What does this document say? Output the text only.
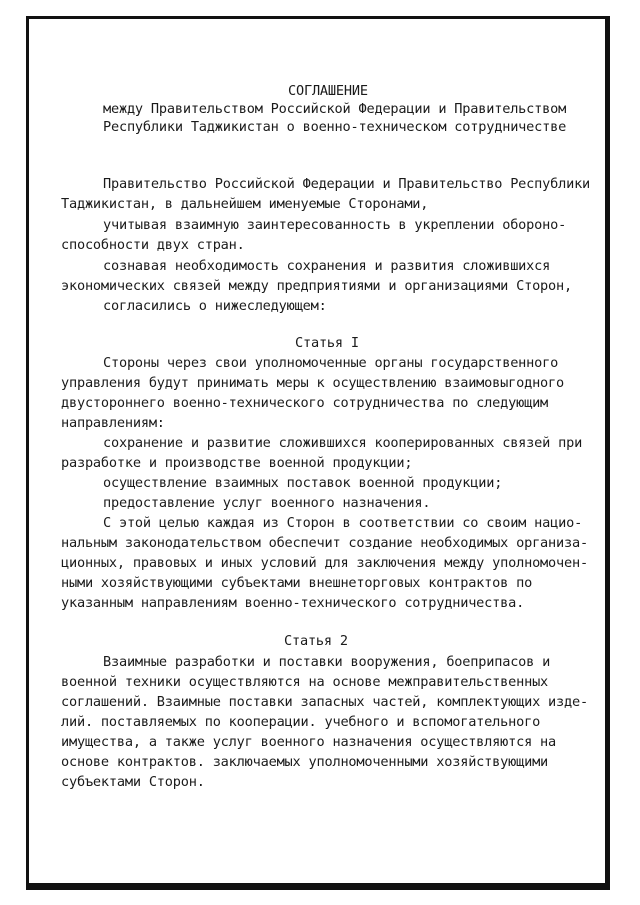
СОГЛАШЕНИЕ
между Правительством Российской Федерации и Правительством
Республики Таджикистан о военно-техническом сотрудничестве
Правительство Российской Федерации и Правительство Республики
Таджикистан, в дальнейшем именуемые Сторонами,
учитывая взаимную заинтересованность в укреплении обороно-
способности двух стран.
сознавая необходимость сохранения и развития сложившихся
экономических связей между предприятиями и организациями Сторон,
согласились о нижеследующем:
Статья I
Стороны через свои уполномоченные органы государственного
управления будут принимать меры к осуществлению взаимовыгодного
двустороннего военно-технического сотрудничества по следующим
направлениям:
сохранение и развитие сложившихся кооперированных связей при
разработке и производстве военной продукции;
осуществление взаимных поставок военной продукции;
предоставление услуг военного назначения.
С этой целью каждая из Сторон в соответствии со своим нацио-
нальным законодательством обеспечит создание необходимых организа-
ционных, правовых и иных условий для заключения между уполномочен-
ными хозяйствующими субъектами внешнеторговых контрактов по
указанным направлениям военно-технического сотрудничества.
Статья 2
Взаимные разработки и поставки вооружения, боеприпасов и
военной техники осуществляются на основе межправительственных
соглашений. Взаимные поставки запасных частей, комплектующих изде-
лий. поставляемых по кооперации. учебного и вспомогательного
имущества, а также услуг военного назначения осуществляются на
основе контрактов. заключаемых уполномоченными хозяйствующими
субъектами Сторон.
